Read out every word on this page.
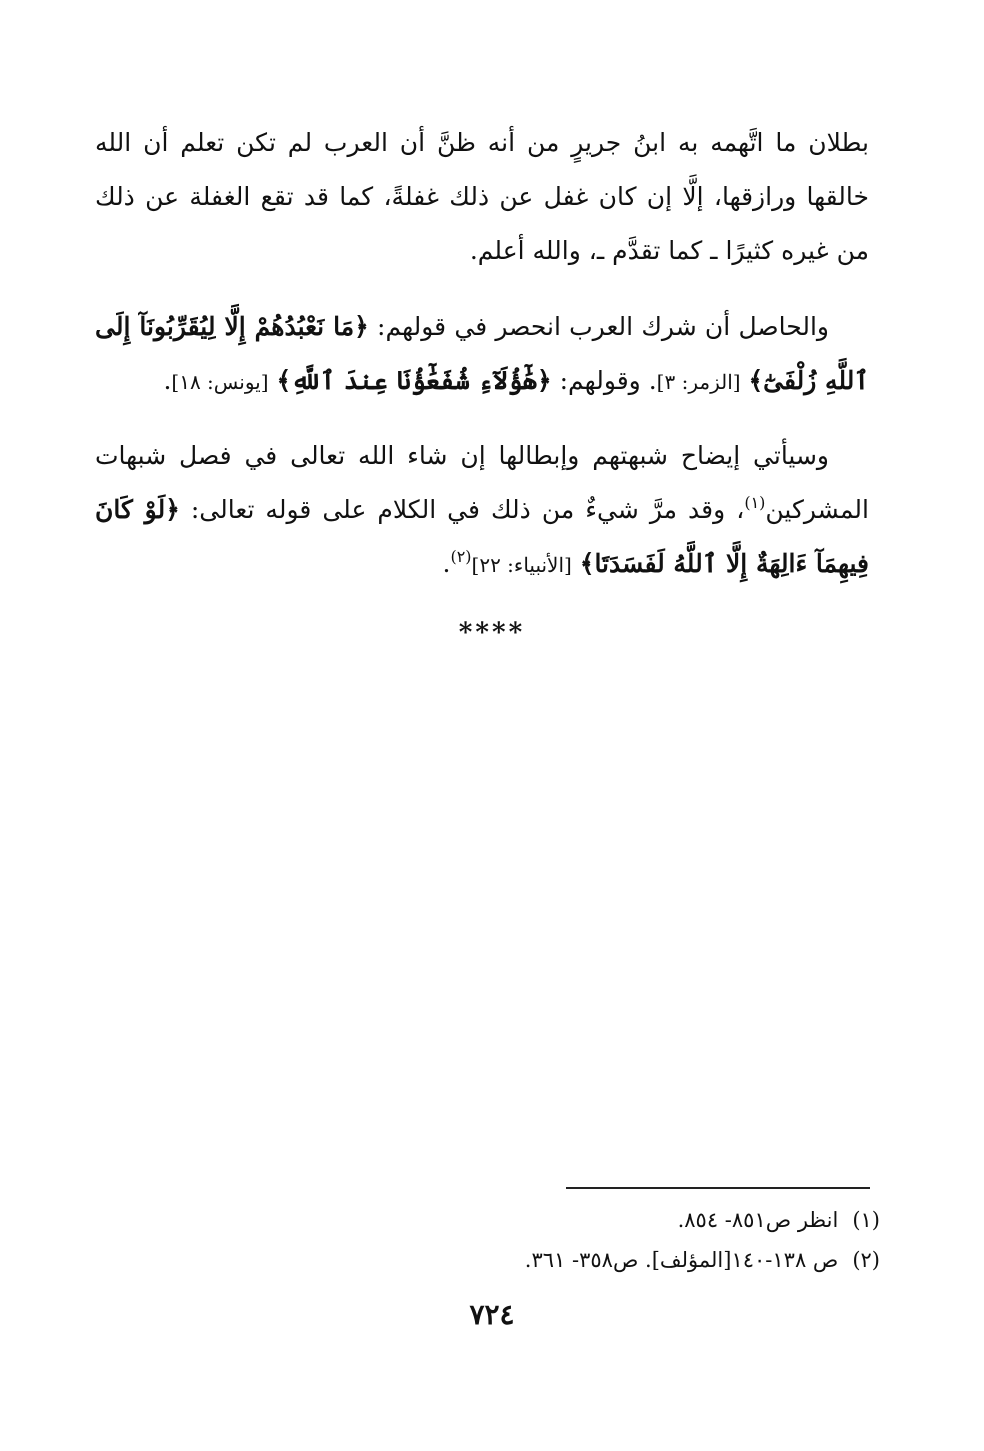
بطلان ما اتَّهمه به ابنُ جريرٍ من أنه ظنَّ أن العرب لم تكن تعلم أن الله خالقها ورازقها، إلَّا إن كان غفل عن ذلك غفلةً، كما قد تقع الغفلة عن ذلك من غيره كثيرًا ـ كما تقدَّم ـ، والله أعلم.

والحاصل أن شرك العرب انحصر في قولهم: ﴿مَا نَعْبُدُهُمْ إِلَّا لِيُقَرِّبُونَآ إِلَى ٱللَّهِ زُلْفَىٰٓ﴾ [الزمر: ٣]. وقولهم: ﴿هَٰٓؤُلَآءِ شُفَعَٰٓؤُنَا عِندَ ٱللَّهِ﴾ [يونس: ١٨].

وسيأتي إيضاح شبهتهم وإبطالها إن شاء الله تعالى في فصل شبهات المشركين$^{(١)}$، وقد مرَّ شيءٌ من ذلك في الكلام على قوله تعالى: ﴿لَوْ كَانَ فِيهِمَآ ءَالِهَةٌ إِلَّا ٱللَّهُ لَفَسَدَتَا﴾ [الأنبياء: ٢٢]$^{(٢)}$.

****
(١)انظر ص٨٥١- ٨٥٤.
(٢)ص ١٣٨-١٤٠[المؤلف]. ص٣٥٨- ٣٦١.
٧٢٤
